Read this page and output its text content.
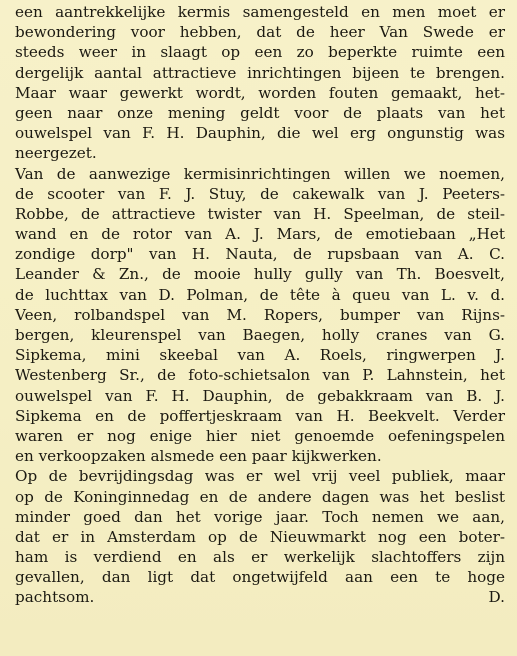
een aantrekkelijke kermis samengesteld en men moet er
bewondering voor hebben, dat de heer Van Swede er
steeds weer in slaagt op een zo beperkte ruimte een
dergelijk aantal attractieve inrichtingen bijeen te brengen.
Maar waar gewerkt wordt, worden fouten gemaakt, het-
geen naar onze mening geldt voor de plaats van het
ouwelspel van F. H. Dauphin, die wel erg ongunstig was
neergezet.
Van de aanwezige kermisinrichtingen willen we noemen,
de scooter van F. J. Stuy, de cakewalk van J. Peeters-
Robbe, de attractieve twister van H. Speelman, de steil-
wand en de rotor van A. J. Mars, de emotiebaan „Het
zondige dorp" van H. Nauta, de rupsbaan van A. C.
Leander & Zn., de mooie hully gully van Th. Boesvelt,
de luchttax van D. Polman, de tête à queu van L. v. d.
Veen, rolbandspel van M. Ropers, bumper van Rijns-
bergen, kleurenspel van Baegen, holly cranes van G.
Sipkema, mini skeebal van A. Roels, ringwerpen J.
Westenberg Sr., de foto-schietsalon van P. Lahnstein, het
ouwelspel van F. H. Dauphin, de gebakkraam van B. J.
Sipkema en de poffertjeskraam van H. Beekvelt. Verder
waren er nog enige hier niet genoemde oefeningspelen
en verkoopzaken alsmede een paar kijkwerken.
Op de bevrijdingsdag was er wel vrij veel publiek, maar
op de Koninginnedag en de andere dagen was het beslist
minder goed dan het vorige jaar. Toch nemen we aan,
dat er in Amsterdam op de Nieuwmarkt nog een boter-
ham is verdiend en als er werkelijk slachtoffers zijn
gevallen, dan ligt dat ongetwijfeld aan een te hoge
pachtsom.	D.
